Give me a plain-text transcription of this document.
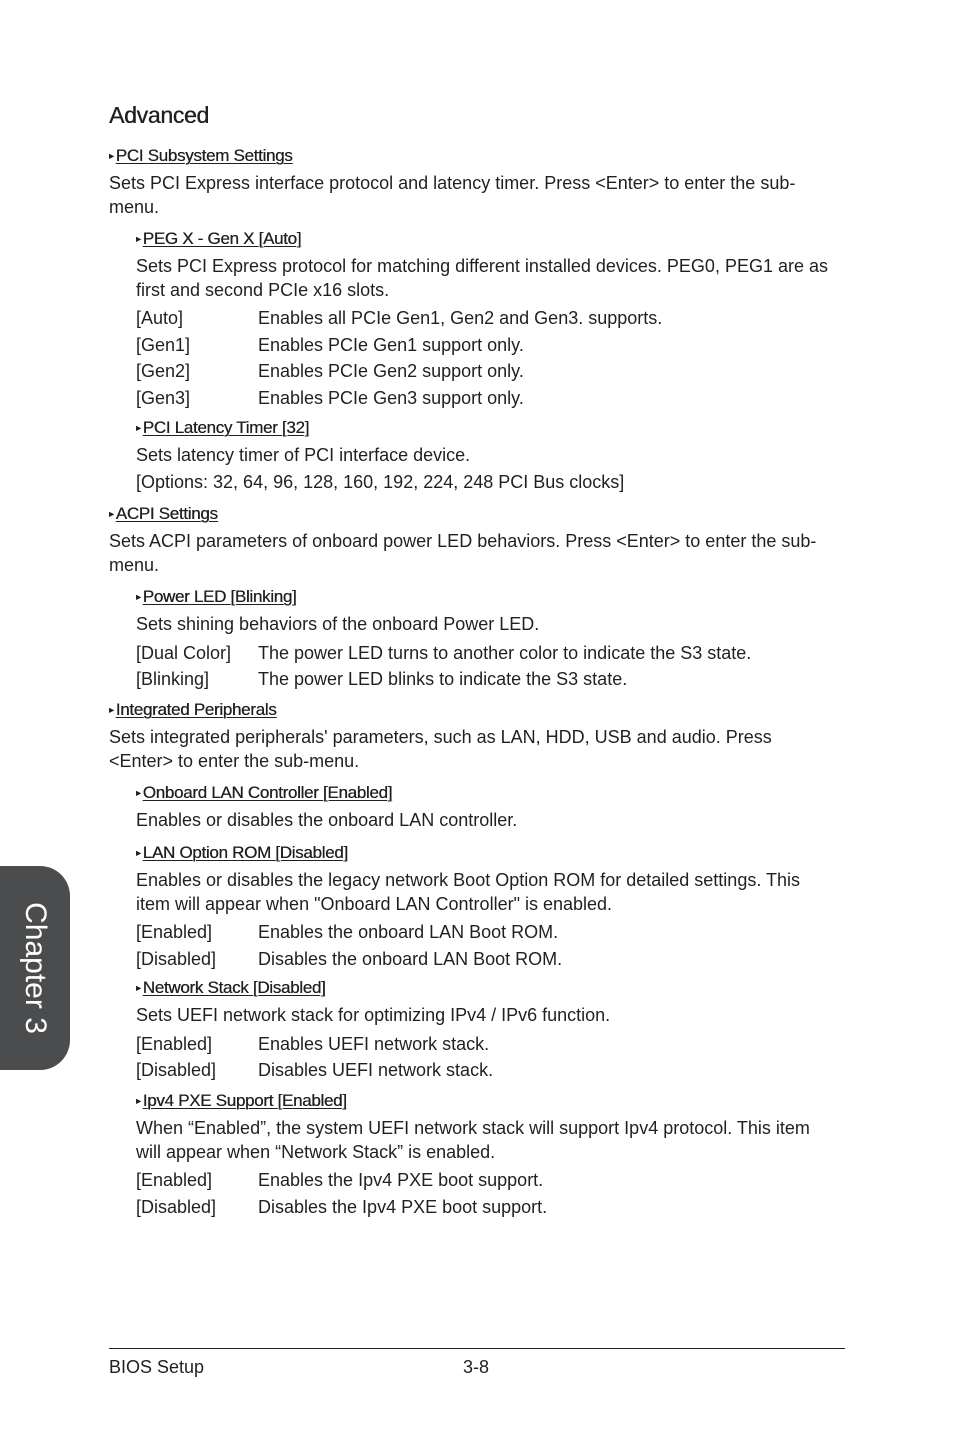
Advanced
▸ PCI Subsystem Settings

Sets PCI Express interface protocol and latency timer. Press <Enter> to enter the sub-menu.

▸ PEG X - Gen X [Auto]

Sets PCI Express protocol for matching different installed devices. PEG0, PEG1 are as first and second PCIe x16 slots.

[Auto]	Enables all PCIe Gen1, Gen2 and Gen3. supports.
[Gen1]	Enables PCIe Gen1 support only.
[Gen2]	Enables PCIe Gen2 support only.
[Gen3]	Enables PCIe Gen3 support only.
▸ PCI Latency Timer [32]

Sets latency timer of PCI interface device.

[Options: 32, 64, 96, 128, 160, 192, 224, 248 PCI Bus clocks]

▸ ACPI Settings

Sets ACPI parameters of onboard power LED behaviors. Press <Enter> to enter the sub-menu.

▸ Power LED [Blinking]

Sets shining behaviors of the onboard Power LED.

[Dual Color]	The power LED turns to another color to indicate the S3 state.
[Blinking]	The power LED blinks to indicate the S3 state.
▸ Integrated Peripherals

Sets integrated peripherals' parameters, such as LAN, HDD, USB and audio. Press <Enter> to enter the sub-menu.

▸ Onboard LAN Controller [Enabled]

Enables or disables the onboard LAN controller.

▸ LAN Option ROM [Disabled]

Enables or disables the legacy network Boot Option ROM for detailed settings. This item will appear when "Onboard LAN Controller" is enabled.

[Enabled]	Enables the onboard LAN Boot ROM.
[Disabled]	Disables the onboard LAN Boot ROM.
▸ Network Stack [Disabled]

Sets UEFI network stack for optimizing IPv4 / IPv6 function.

[Enabled]	Enables UEFI network stack.
[Disabled]	Disables UEFI network stack.
▸ Ipv4 PXE Support [Enabled]

When “Enabled”, the system UEFI network stack will support Ipv4 protocol. This item will appear when “Network Stack” is enabled.

[Enabled]	Enables the Ipv4 PXE boot support.
[Disabled]	Disables the Ipv4 PXE boot support.
Chapter 3
BIOS Setup	3-8
